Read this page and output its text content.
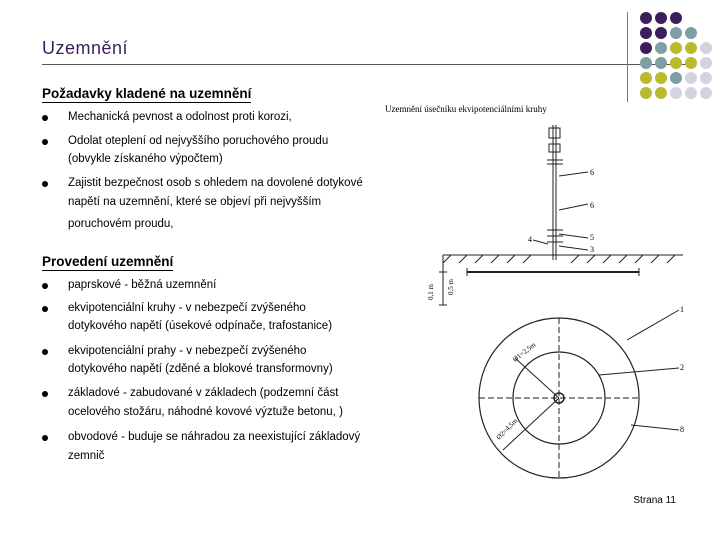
Uzemnění
Požadavky kladené na uzemnění
Mechanická pevnost a odolnost proti korozi,
Odolat oteplení od nejvyššího poruchového proudu
(obvykle získaného výpočtem)
Zajistit bezpečnost osob s ohledem na dovolené dotykové
napětí na uzemnění, které se objeví při nejvyšším
poruchovém proudu,
Provedení uzemnění
paprskové - běžná uzemnění
ekvipotenciální kruhy - v nebezpečí zvýšeného
dotykového napětí (úsekové odpínače, trafostanice)
ekvipotenciální prahy - v nebezpečí zvýšeného
dotykového napětí (zděné a blokové transformovny)
základové - zabudované v základech (podzemní část
ocelového stožáru, náhodné kovové výztuže betonu, )
obvodové - buduje se náhradou za neexistující základový
zemnič
Uzemnění úsečníku ekvipotenciálními kruhy
0,1 m 0,5 m
Ø1=2,5m
Ø2=4,5m
6
6
5
4
3
1
2
8
Strana 11
